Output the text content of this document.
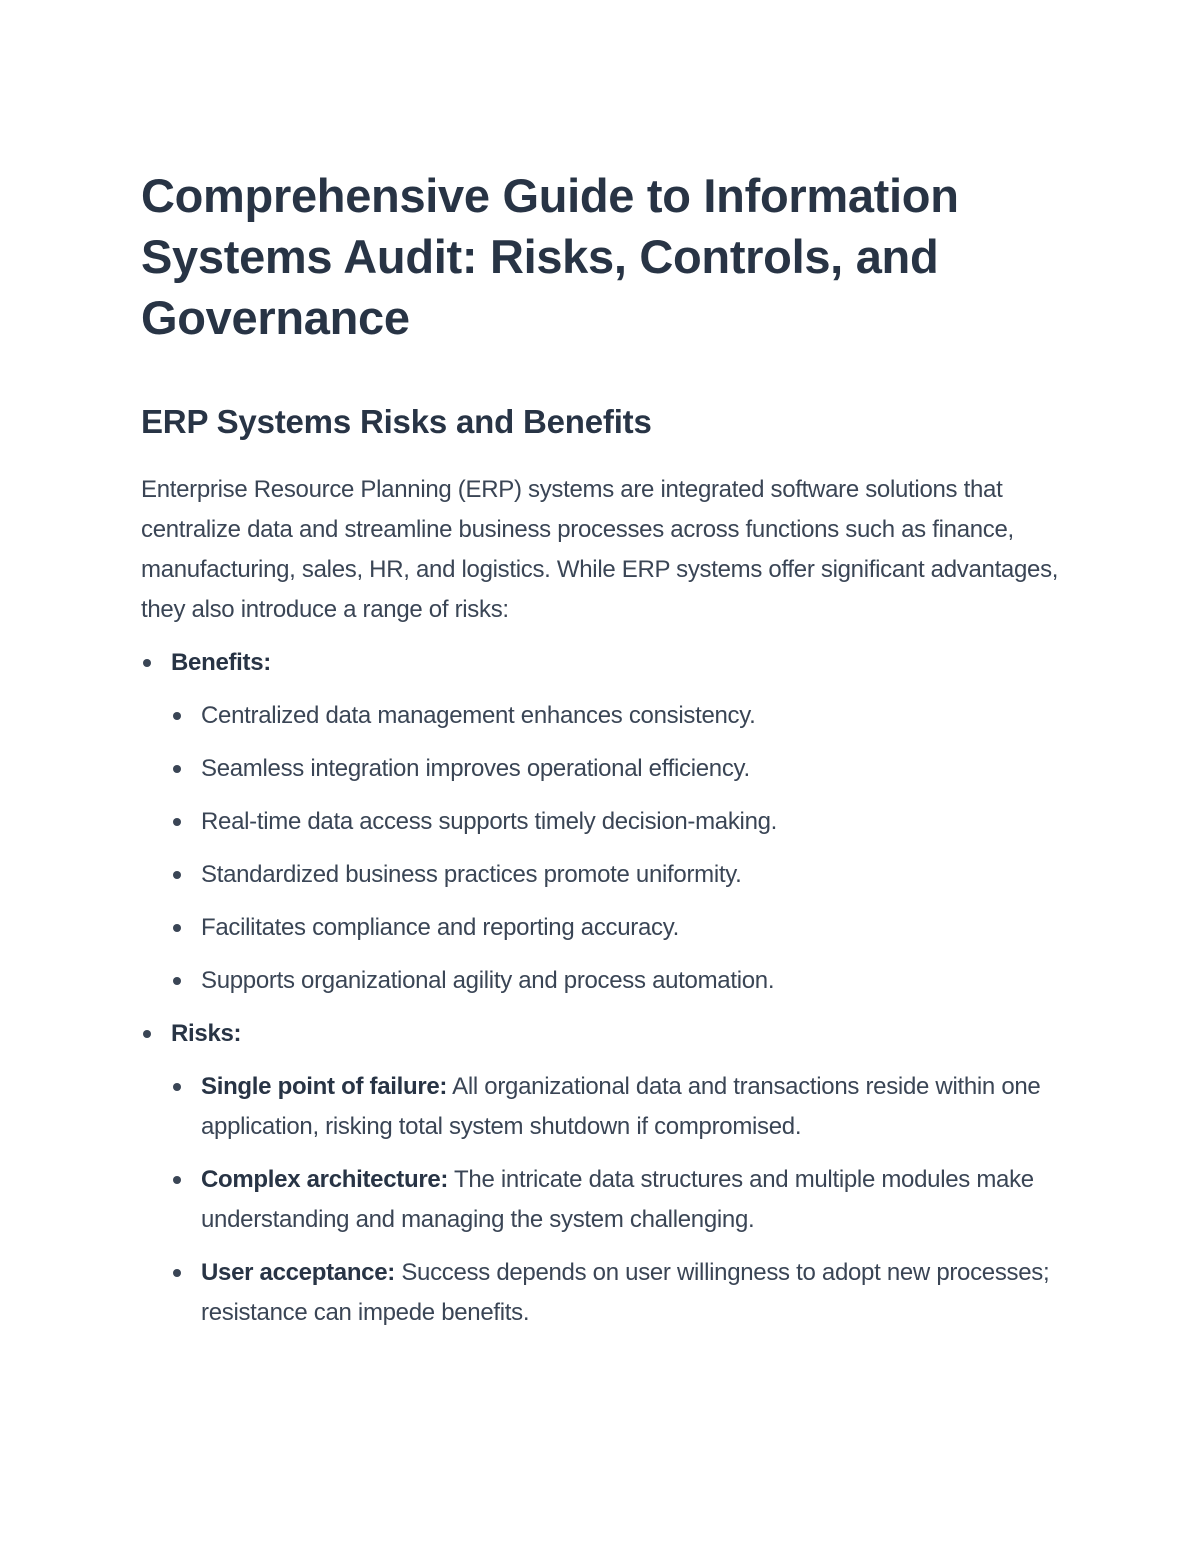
Comprehensive Guide to Information Systems Audit: Risks, Controls, and Governance
ERP Systems Risks and Benefits

Enterprise Resource Planning (ERP) systems are integrated software solutions that centralize data and streamline business processes across functions such as finance, manufacturing, sales, HR, and logistics. While ERP systems offer significant advantages, they also introduce a range of risks:

Benefits:
Centralized data management enhances consistency.
Seamless integration improves operational efficiency.
Real-time data access supports timely decision-making.
Standardized business practices promote uniformity.
Facilitates compliance and reporting accuracy.
Supports organizational agility and process automation.
Risks:
Single point of failure: All organizational data and transactions reside within one application, risking total system shutdown if compromised.
Complex architecture: The intricate data structures and multiple modules make understanding and managing the system challenging.
User acceptance: Success depends on user willingness to adopt new processes; resistance can impede benefits.
